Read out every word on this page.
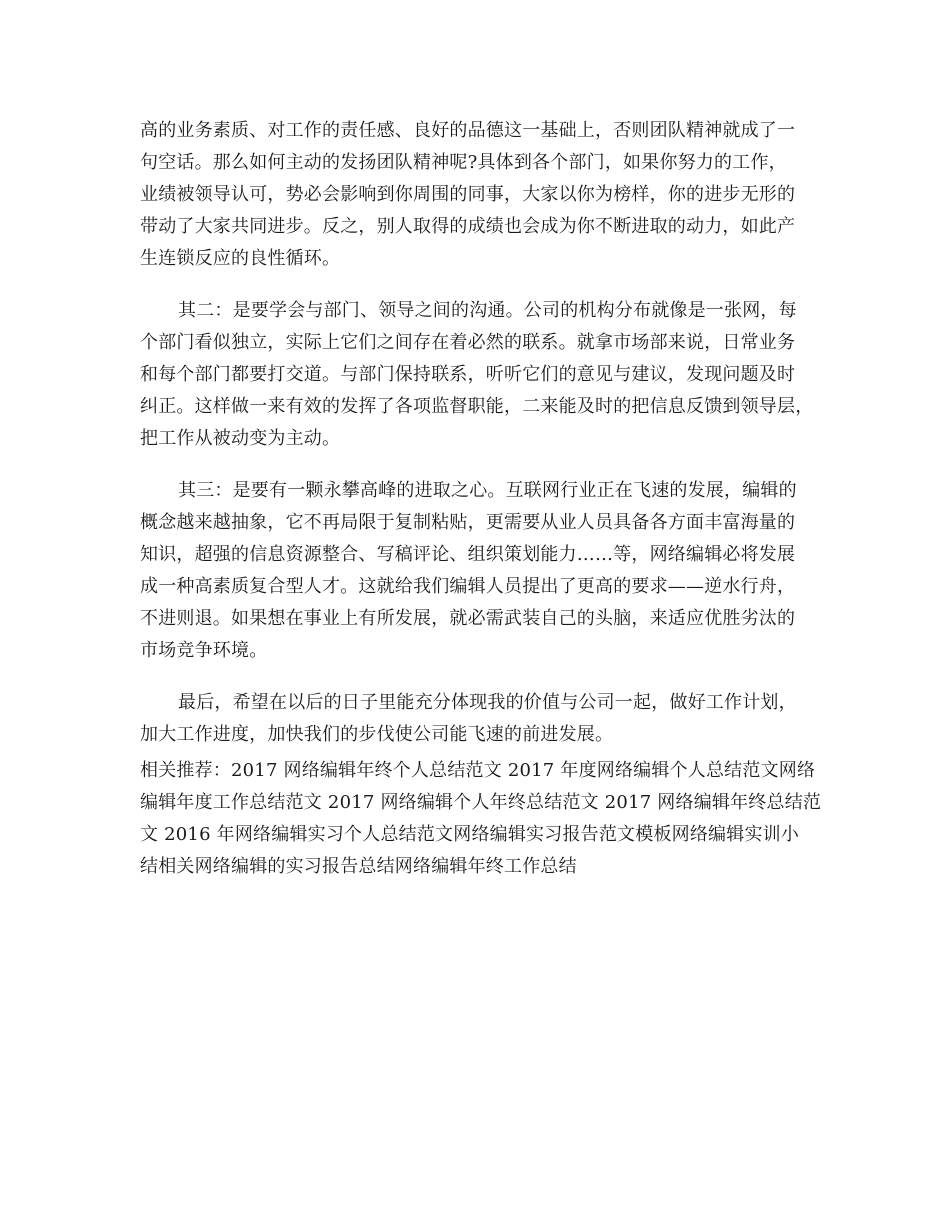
高的业务素质、对工作的责任感、良好的品德这一基础上，否则团队精神就成了一
句空话。那么如何主动的发扬团队精神呢?具体到各个部门，如果你努力的工作，
业绩被领导认可，势必会影响到你周围的同事，大家以你为榜样，你的进步无形的
带动了大家共同进步。反之，别人取得的成绩也会成为你不断进取的动力，如此产
生连锁反应的良性循环。
其二：是要学会与部门、领导之间的沟通。公司的机构分布就像是一张网，每
个部门看似独立，实际上它们之间存在着必然的联系。就拿市场部来说，日常业务
和每个部门都要打交道。与部门保持联系，听听它们的意见与建议，发现问题及时
纠正。这样做一来有效的发挥了各项监督职能，二来能及时的把信息反馈到领导层，
把工作从被动变为主动。
其三：是要有一颗永攀高峰的进取之心。互联网行业正在飞速的发展，编辑的
概念越来越抽象，它不再局限于复制粘贴，更需要从业人员具备各方面丰富海量的
知识，超强的信息资源整合、写稿评论、组织策划能力……等，网络编辑必将发展
成一种高素质复合型人才。这就给我们编辑人员提出了更高的要求——逆水行舟，
不进则退。如果想在事业上有所发展，就必需武装自己的头脑，来适应优胜劣汰的
市场竞争环境。
最后，希望在以后的日子里能充分体现我的价值与公司一起，做好工作计划，
加大工作进度，加快我们的步伐使公司能飞速的前进发展。
相关推荐：2017 网络编辑年终个人总结范文 2017 年度网络编辑个人总结范文网络
编辑年度工作总结范文 2017 网络编辑个人年终总结范文 2017 网络编辑年终总结范
文 2016 年网络编辑实习个人总结范文网络编辑实习报告范文模板网络编辑实训小
结相关网络编辑的实习报告总结网络编辑年终工作总结
